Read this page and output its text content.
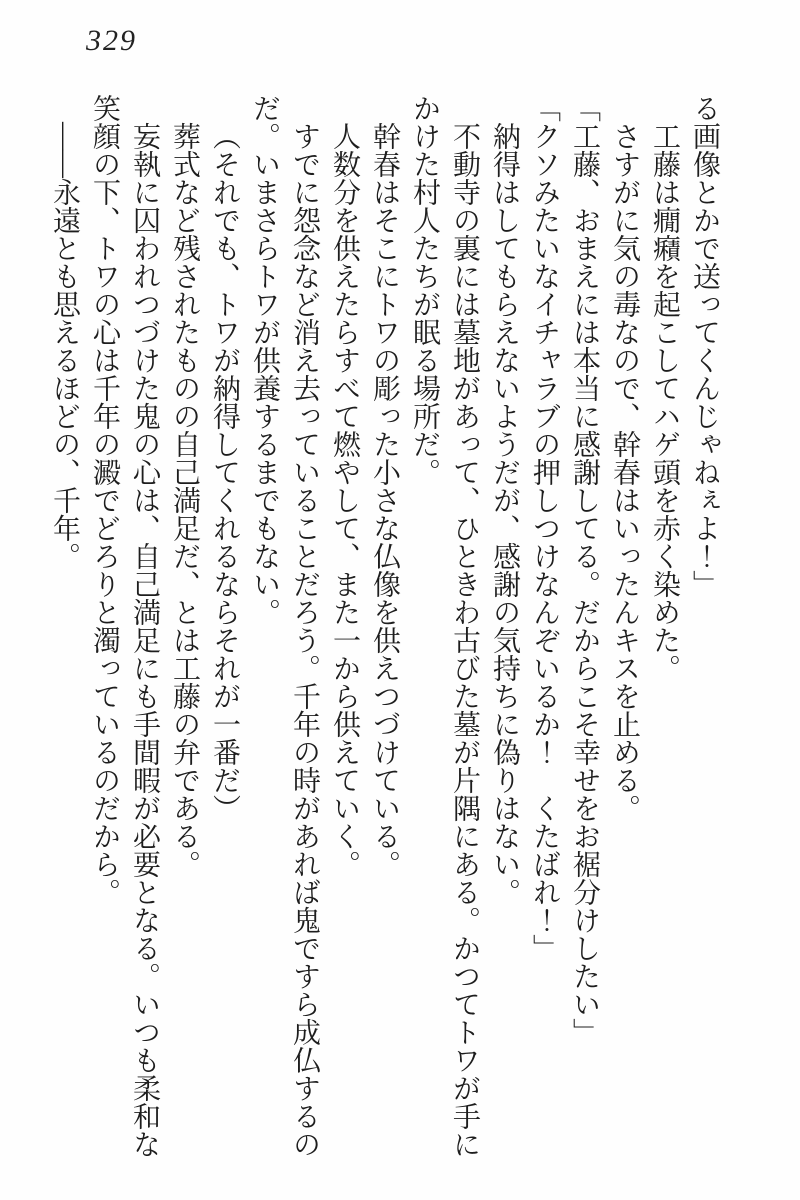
329

る画像とかで送ってくんじゃねぇよ！」

工藤は癇癪を起こしてハゲ頭を赤く染めた。

さすがに気の毒なので、幹春はいったんキスを止める。

「工藤、おまえには本当に感謝してる。だからこそ幸せをお裾分けしたい」

「クソみたいなイチャラブの押しつけなんぞいるか！　くたばれ！」

納得はしてもらえないようだが、感謝の気持ちに偽りはない。

不動寺の裏には墓地があって、ひときわ古びた墓が片隅にある。かつてトワが手にかけた村人たちが眠る場所だ。

幹春はそこにトワの彫った小さな仏像を供えつづけている。

人数分を供えたらすべて燃やして、また一から供えていく。

すでに怨念など消え去っていることだろう。千年の時があれば鬼ですら成仏するのだ。いまさらトワが供養するまでもない。

（それでも、トワが納得してくれるならそれが一番だ）

葬式など残されたものの自己満足だ、とは工藤の弁である。

妄執に囚われつづけた鬼の心は、自己満足にも手間暇が必要となる。いつも柔和な笑顔の下、トワの心は千年の澱でどろりと濁っているのだから。

――永遠とも思えるほどの、千年。
